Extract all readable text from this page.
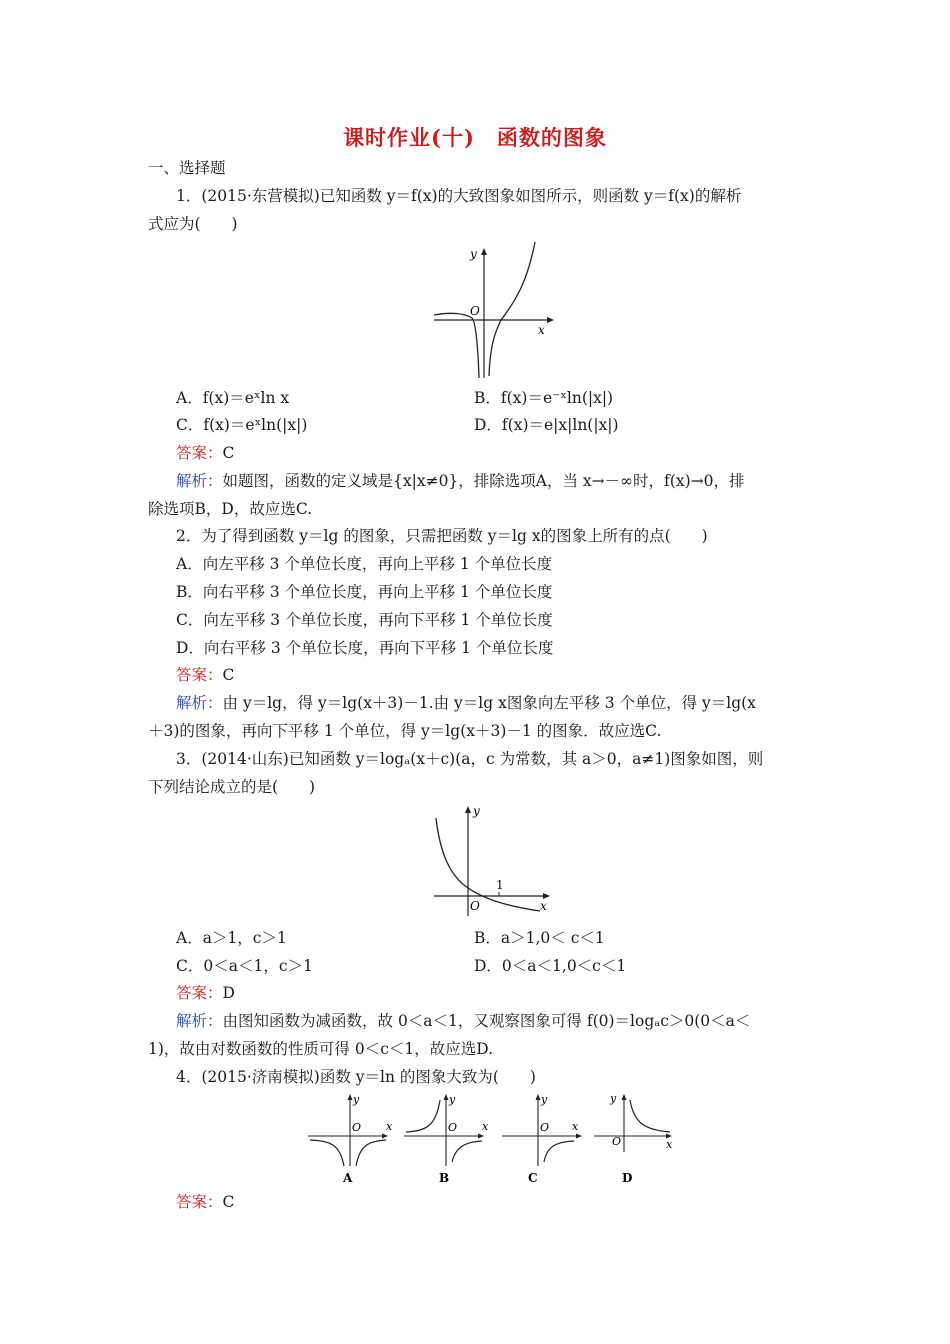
课时作业(十)　函数的图象
一、选择题
1．(2015·东营模拟)已知函数 y＝f(x)的大致图象如图所示，则函数 y＝f(x)的解析
式应为(　　)
y
O
x
A．f(x)＝eˣln x	B．f(x)＝e⁻ˣln(|x|)
C．f(x)＝eˣln(|x|)	D．f(x)＝e|x|ln(|x|)
答案：C
解析：如题图，函数的定义域是{x|x≠0}，排除选项A，当 x→－∞时，f(x)→0，排
除选项B，D，故应选C.
2．为了得到函数 y＝lg 的图象，只需把函数 y＝lg x的图象上所有的点(　　)
A．向左平移 3 个单位长度，再向上平移 1 个单位长度
B．向右平移 3 个单位长度，再向上平移 1 个单位长度
C．向左平移 3 个单位长度，再向下平移 1 个单位长度
D．向右平移 3 个单位长度，再向下平移 1 个单位长度
答案：C
解析：由 y＝lg，得 y＝lg(x＋3)－1.由 y＝lg x图象向左平移 3 个单位，得 y＝lg(x
＋3)的图象，再向下平移 1 个单位，得 y＝lg(x＋3)－1 的图象．故应选C.
3．(2014·山东)已知函数 y＝logₐ(x＋c)(a，c 为常数，其 a＞0，a≠1)图象如图，则
下列结论成立的是(　　)
1
y
O	x
A．a＞1，c＞1	B．a＞1,0＜ c＜1
C．0＜a＜1，c＞1	D．0＜a＜1,0＜c＜1
答案：D
解析：由图知函数为减函数，故 0＜a＜1，又观察图象可得 f(0)＝logₐc＞0(0＜a＜
1)，故由对数函数的性质可得 0＜c＜1，故应选D.
4．(2015·济南模拟)函数 y＝ln 的图象大致为(　　)
y
O x
A
y
O x
B
y
O x
C
y
O	x
D
答案：C
